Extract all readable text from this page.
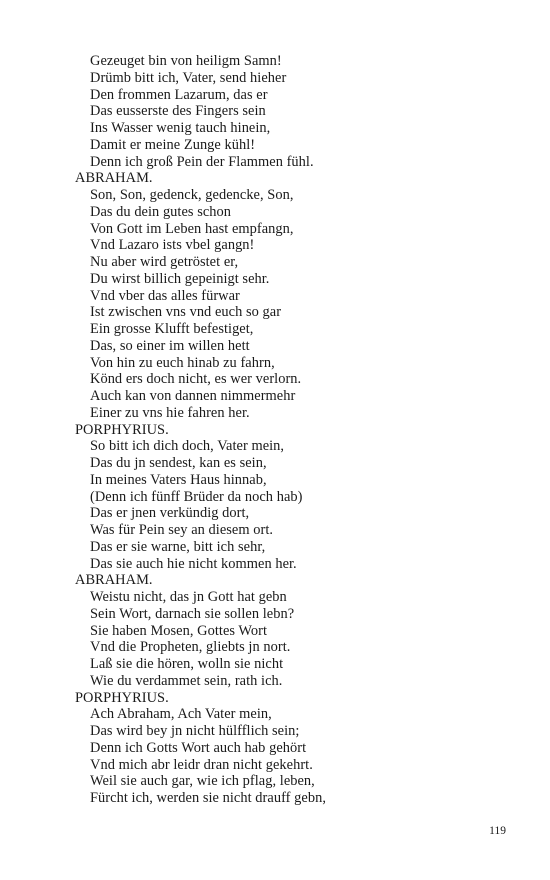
Gezeuget bin von heiligm Samn!
Drümb bitt ich, Vater, send hieher
Den frommen Lazarum, das er
Das eusserste des Fingers sein
Ins Wasser wenig tauch hinein,
Damit er meine Zunge kühl!
Denn ich groß Pein der Flammen fühl.
ABRAHAM.
Son, Son, gedenck, gedencke, Son,
Das du dein gutes schon
Von Gott im Leben hast empfangn,
Vnd Lazaro ists vbel gangn!
Nu aber wird getröstet er,
Du wirst billich gepeinigt sehr.
Vnd vber das alles fürwar
Ist zwischen vns vnd euch so gar
Ein grosse Klufft befestiget,
Das, so einer im willen hett
Von hin zu euch hinab zu fahrn,
Könd ers doch nicht, es wer verlorn.
Auch kan von dannen nimmermehr
Einer zu vns hie fahren her.
PORPHYRIUS.
So bitt ich dich doch, Vater mein,
Das du jn sendest, kan es sein,
In meines Vaters Haus hinnab,
(Denn ich fünff Brüder da noch hab)
Das er jnen verkündig dort,
Was für Pein sey an diesem ort.
Das er sie warne, bitt ich sehr,
Das sie auch hie nicht kommen her.
ABRAHAM.
Weistu nicht, das jn Gott hat gebn
Sein Wort, darnach sie sollen lebn?
Sie haben Mosen, Gottes Wort
Vnd die Propheten, gliebts jn nort.
Laß sie die hören, wolln sie nicht
Wie du verdammet sein, rath ich.
PORPHYRIUS.
Ach Abraham, Ach Vater mein,
Das wird bey jn nicht hülfflich sein;
Denn ich Gotts Wort auch hab gehört
Vnd mich abr leidr dran nicht gekehrt.
Weil sie auch gar, wie ich pflag, leben,
Fürcht ich, werden sie nicht drauff gebn,
119
